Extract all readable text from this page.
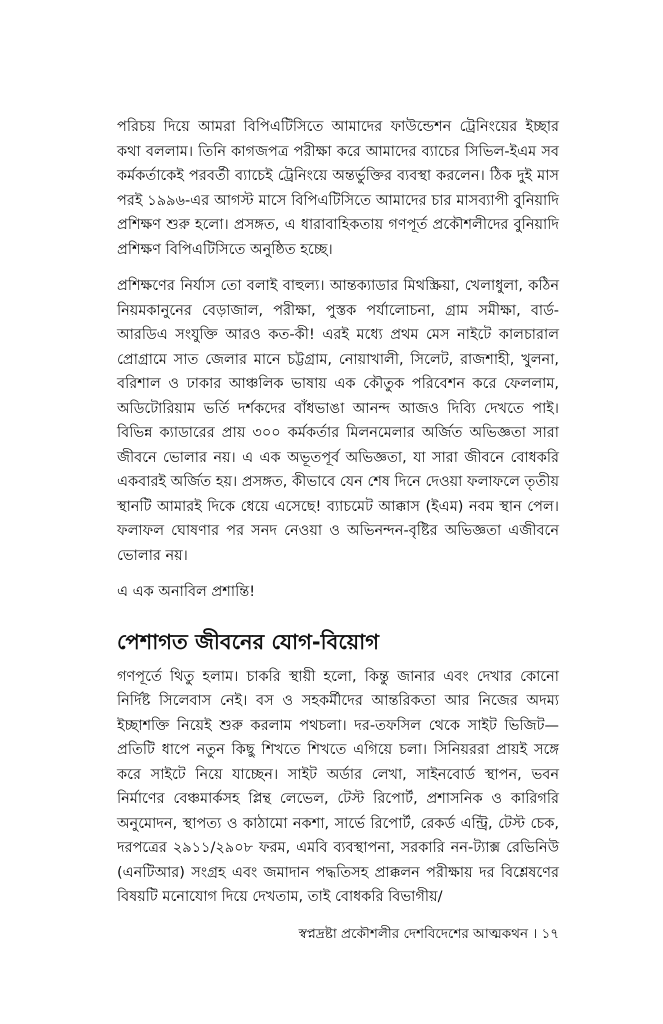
পরিচয় দিয়ে আমরা বিপিএটিসিতে আমাদের ফাউন্ডেশন ট্রেনিংয়ের ইচ্ছার কথা বললাম। তিনি কাগজপত্র পরীক্ষা করে আমাদের ব্যাচের সিভিল-ইএম সব কর্মকর্তাকেই পরবর্তী ব্যাচেই ট্রেনিংয়ে অন্তর্ভুক্তির ব্যবস্থা করলেন। ঠিক দুই মাস পরই ১৯৯৬-এর আগস্ট মাসে বিপিএটিসিতে আমাদের চার মাসব্যাপী বুনিয়াদি প্রশিক্ষণ শুরু হলো। প্রসঙ্গত, এ ধারাবাহিকতায় গণপূর্ত প্রকৌশলীদের বুনিয়াদি প্রশিক্ষণ বিপিএটিসিতে অনুষ্ঠিত হচ্ছে।

প্রশিক্ষণের নির্যাস তো বলাই বাহুল্য। আন্তক্যাডার মিথস্ক্রিয়া, খেলাধুলা, কঠিন নিয়মকানুনের বেড়াজাল, পরীক্ষা, পুস্তক পর্যালোচনা, গ্রাম সমীক্ষা, বার্ড-আরডিএ সংযুক্তি আরও কত-কী! এরই মধ্যে প্রথম মেস নাইটে কালচারাল প্রোগ্রামে সাত জেলার মানে চট্টগ্রাম, নোয়াখালী, সিলেট, রাজশাহী, খুলনা, বরিশাল ও ঢাকার আঞ্চলিক ভাষায় এক কৌতুক পরিবেশন করে ফেললাম, অডিটোরিয়াম ভর্তি দর্শকদের বাঁধভাঙা আনন্দ আজও দিব্যি দেখতে পাই। বিভিন্ন ক্যাডারের প্রায় ৩০০ কর্মকর্তার মিলনমেলার অর্জিত অভিজ্ঞতা সারা জীবনে ভোলার নয়। এ এক অভূতপূর্ব অভিজ্ঞতা, যা সারা জীবনে বোধকরি একবারই অর্জিত হয়। প্রসঙ্গত, কীভাবে যেন শেষ দিনে দেওয়া ফলাফলে তৃতীয় স্থানটি আমারই দিকে ধেয়ে এসেছে! ব্যাচমেট আক্কাস (ইএম) নবম স্থান পেল। ফলাফল ঘোষণার পর সনদ নেওয়া ও অভিনন্দন-বৃষ্টির অভিজ্ঞতা এজীবনে ভোলার নয়।

এ এক অনাবিল প্রশান্তি!

পেশাগত জীবনের যোগ-বিয়োগ

গণপূর্তে থিতু হলাম। চাকরি স্থায়ী হলো, কিন্তু জানার এবং দেখার কোনো নির্দিষ্ট সিলেবাস নেই। বস ও সহকর্মীদের আন্তরিকতা আর নিজের অদম্য ইচ্ছাশক্তি নিয়েই শুরু করলাম পথচলা। দর-তফসিল থেকে সাইট ভিজিট—প্রতিটি ধাপে নতুন কিছু শিখতে শিখতে এগিয়ে চলা। সিনিয়ররা প্রায়ই সঙ্গে করে সাইটে নিয়ে যাচ্ছেন। সাইট অর্ডার লেখা, সাইনবোর্ড স্থাপন, ভবন নির্মাণের বেঞ্চমার্কসহ প্লিন্থ লেভেল, টেস্ট রিপোর্ট, প্রশাসনিক ও কারিগরি অনুমোদন, স্থাপত্য ও কাঠামো নকশা, সার্ভে রিপোর্ট, রেকর্ড এন্ট্রি, টেস্ট চেক, দরপত্রের ২৯১১/২৯০৮ ফরম, এমবি ব্যবস্থাপনা, সরকারি নন-ট্যাক্স রেভিনিউ (এনটিআর) সংগ্রহ এবং জমাদান পদ্ধতিসহ প্রাক্কলন পরীক্ষায় দর বিশ্লেষণের বিষয়টি মনোযোগ দিয়ে দেখতাম, তাই বোধকরি বিভাগীয়/

স্বপ্নদ্রষ্টা প্রকৌশলীর দেশবিদেশের আত্মকথন । ১৭
